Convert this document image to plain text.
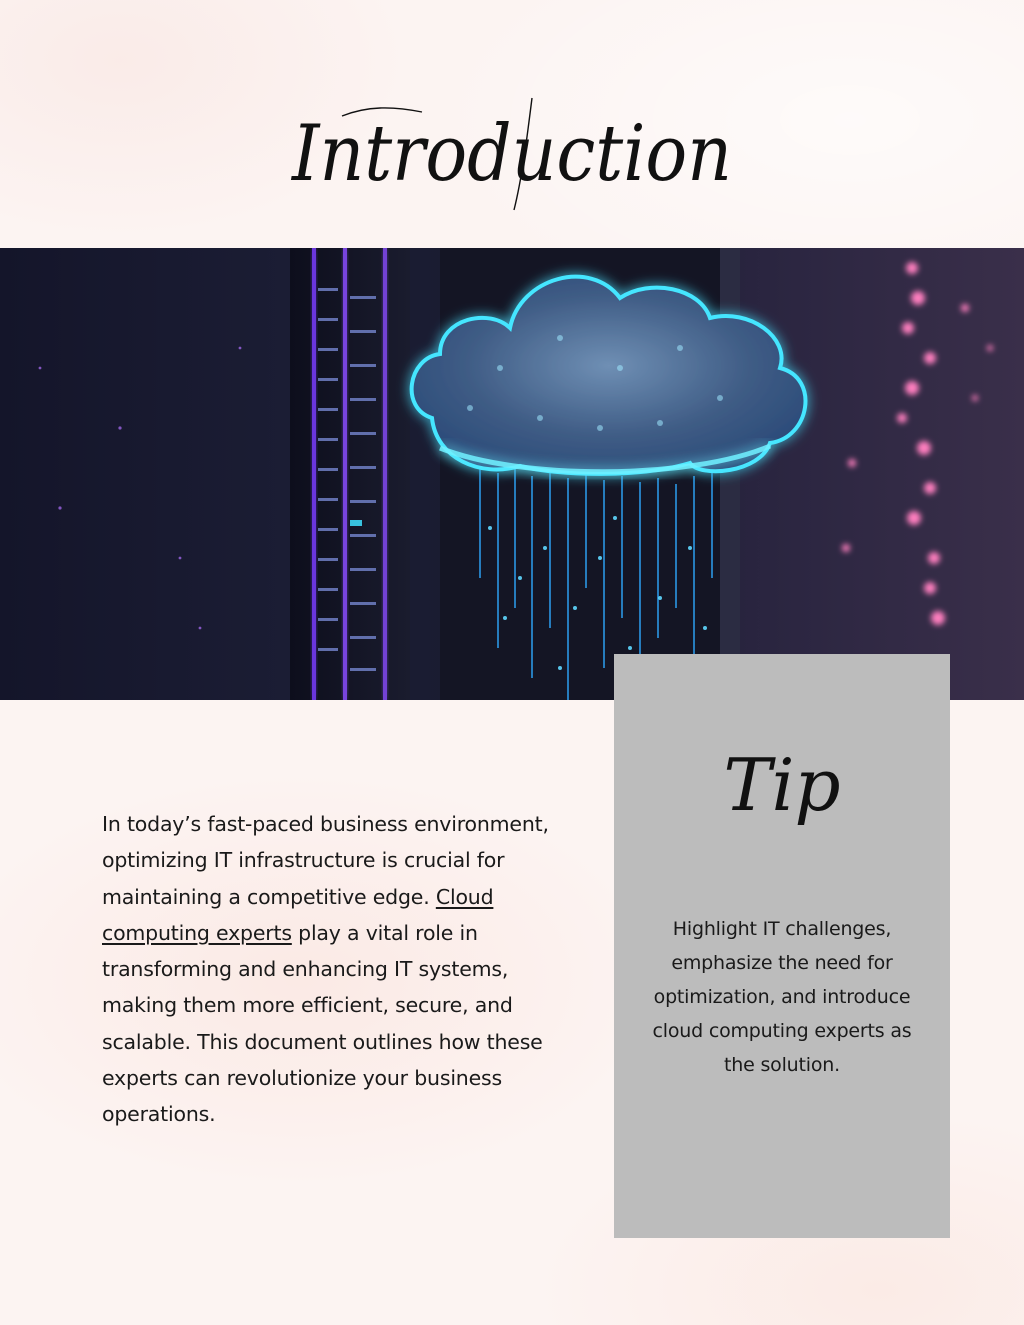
Introduction
In today’s fast-paced business environment, optimizing IT infrastructure is crucial for maintaining a competitive edge. Cloud computing experts play a vital role in transforming and enhancing IT systems, making them more efficient, secure, and scalable. This document outlines how these experts can revolutionize your business operations.
Tip
Highlight IT challenges, emphasize the need for optimization, and introduce cloud computing experts as the solution.
